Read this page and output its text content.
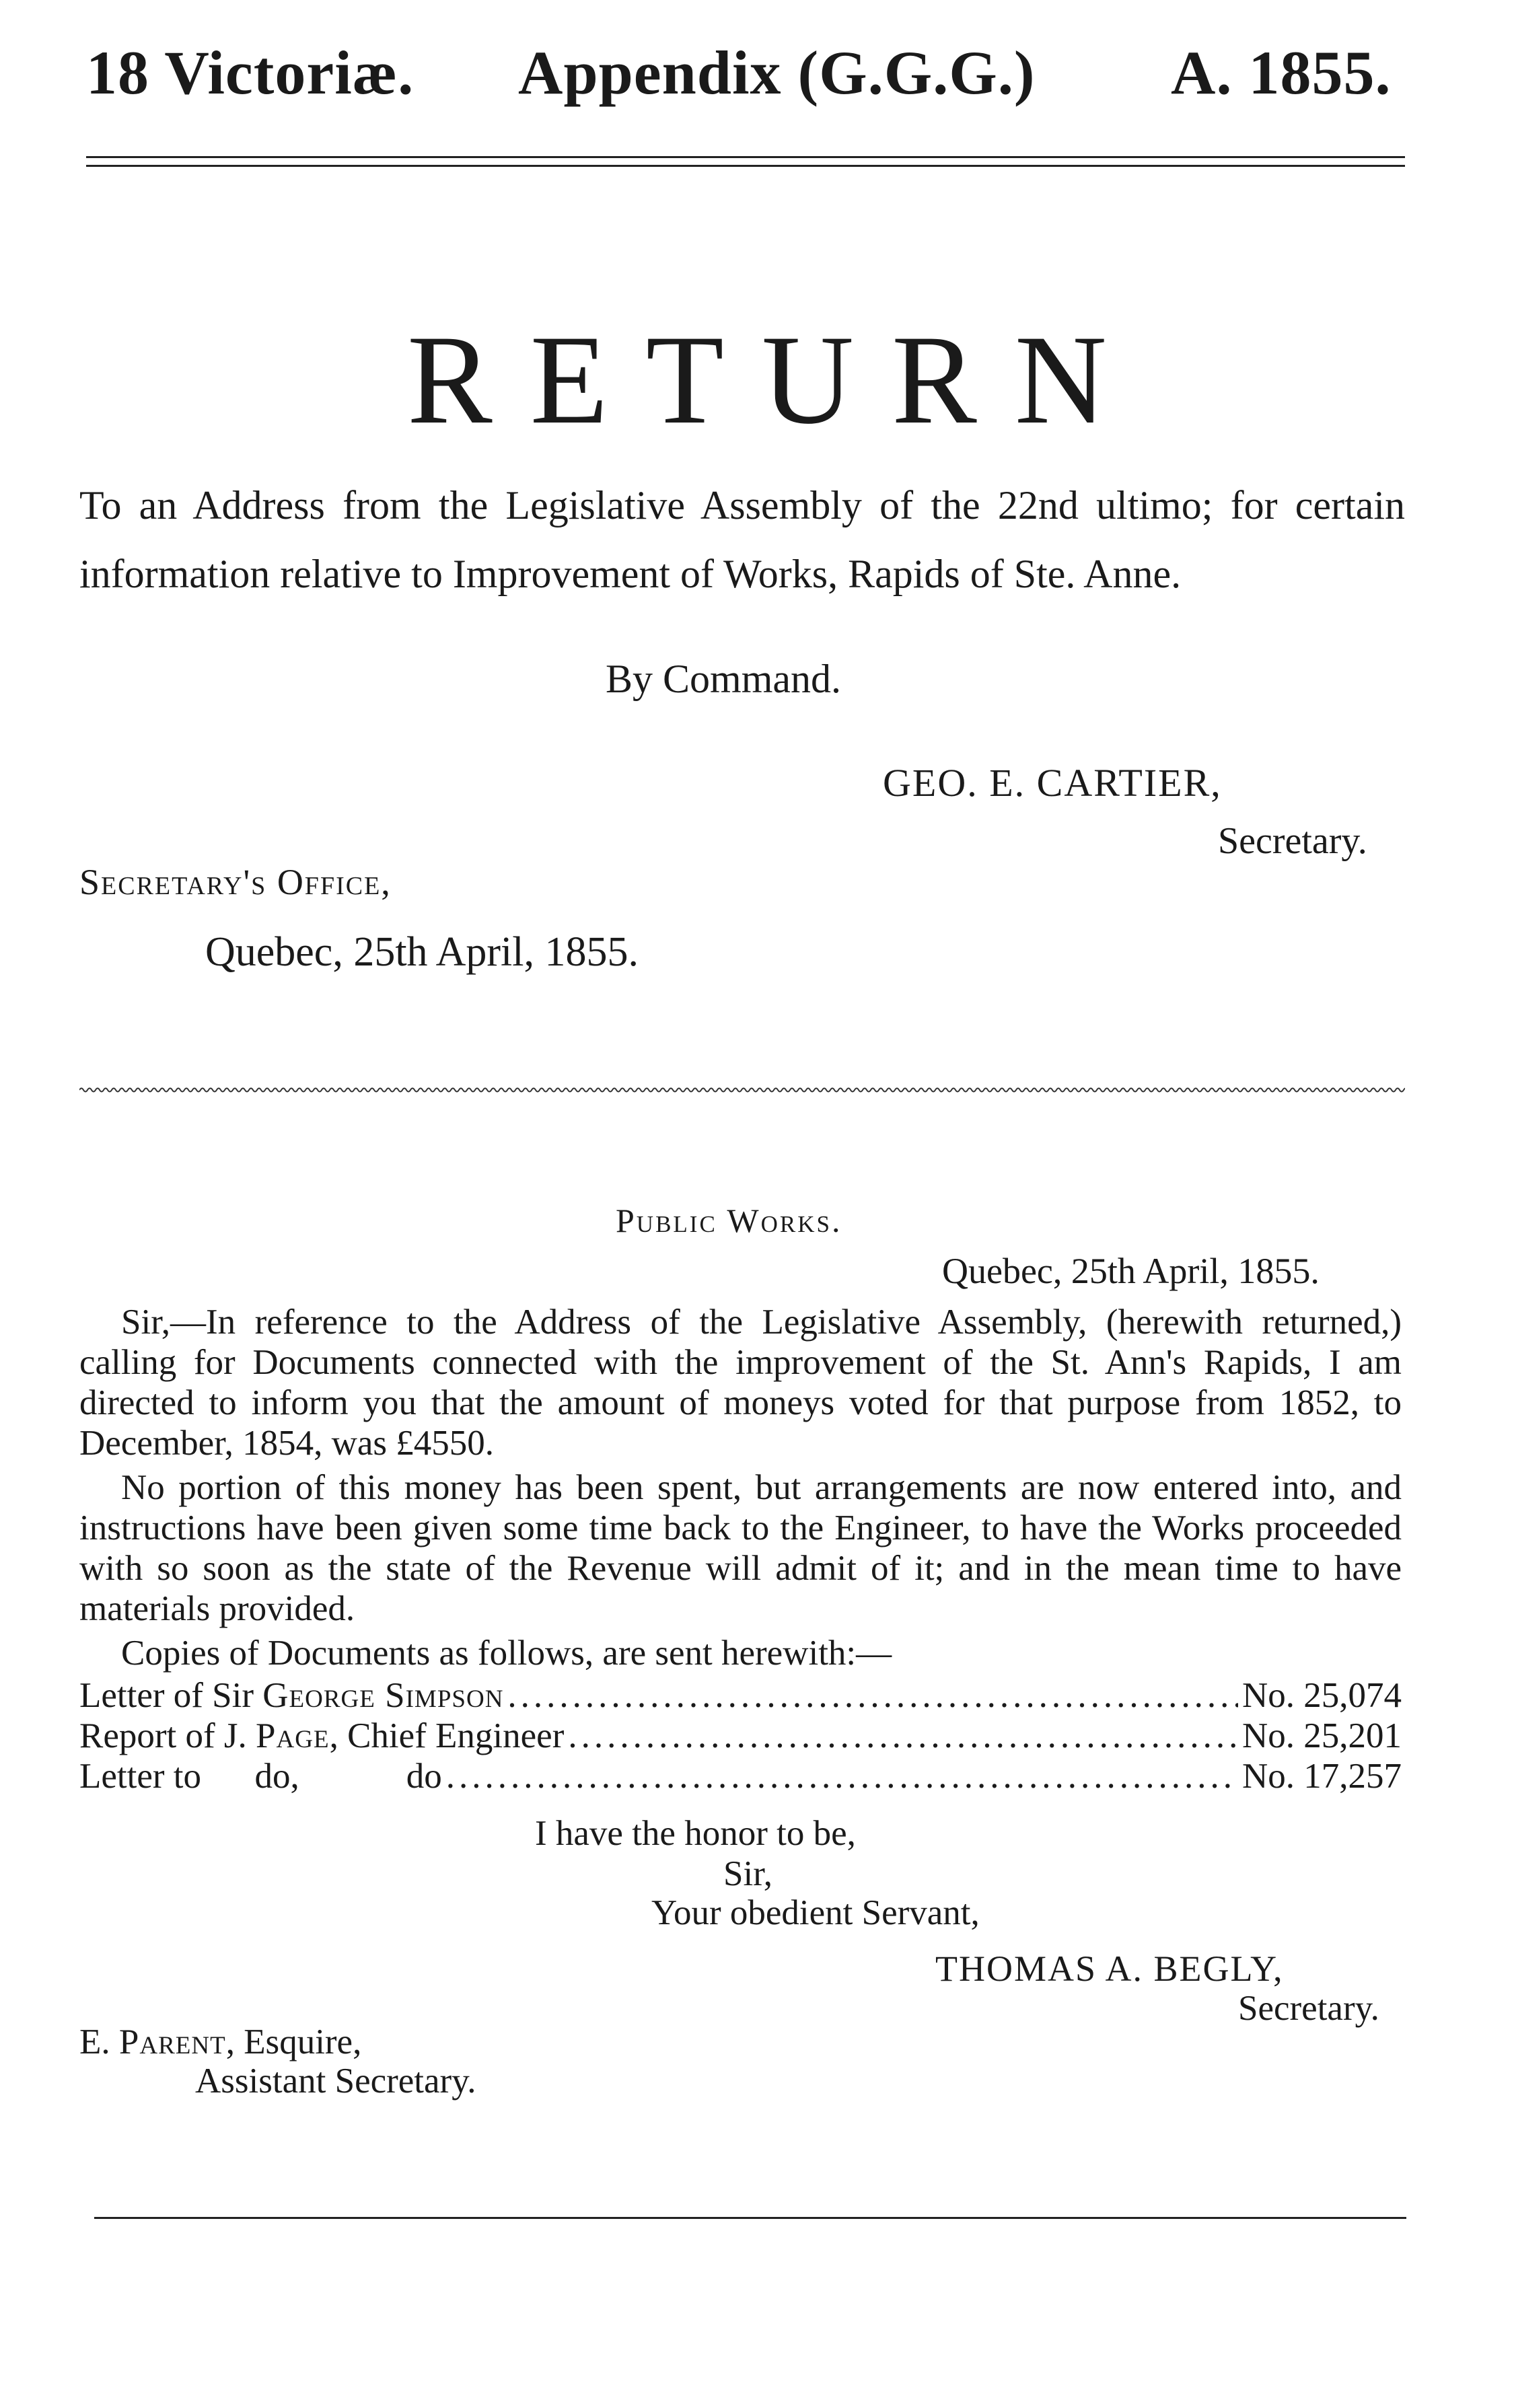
18 Victoriæ. Appendix (G.G.G.) A. 1855.
RETURN
To an Address from the Legislative Assembly of the 22nd ultimo; for certain information relative to Improvement of Works, Rapids of Ste. Anne.
By Command.
GEO. E. CARTIER,
Secretary.
Secretary's Office,
Quebec, 25th April, 1855.
Public Works.
Quebec, 25th April, 1855.

Sir,—In reference to the Address of the Legislative Assembly, (herewith returned,) calling for Documents connected with the improvement of the St. Ann's Rapids, I am directed to inform you that the amount of moneys voted for that purpose from 1852, to December, 1854, was £4550.

No portion of this money has been spent, but arrangements are now entered into, and instructions have been given some time back to the Engineer, to have the Works proceeded with so soon as the state of the Revenue will admit of it; and in the mean time to have materials provided.

Copies of Documents as follows, are sent herewith:—

Letter of Sir George Simpson .....	No. 25,074
Report of J. Page, Chief Engineer .....	No. 25,201
Letter to      do,            do .....	No. 17,257
I have the honor to be,
Sir,
Your obedient Servant,
THOMAS A. BEGLY,
Secretary.
E. Parent, Esquire,
Assistant Secretary.
